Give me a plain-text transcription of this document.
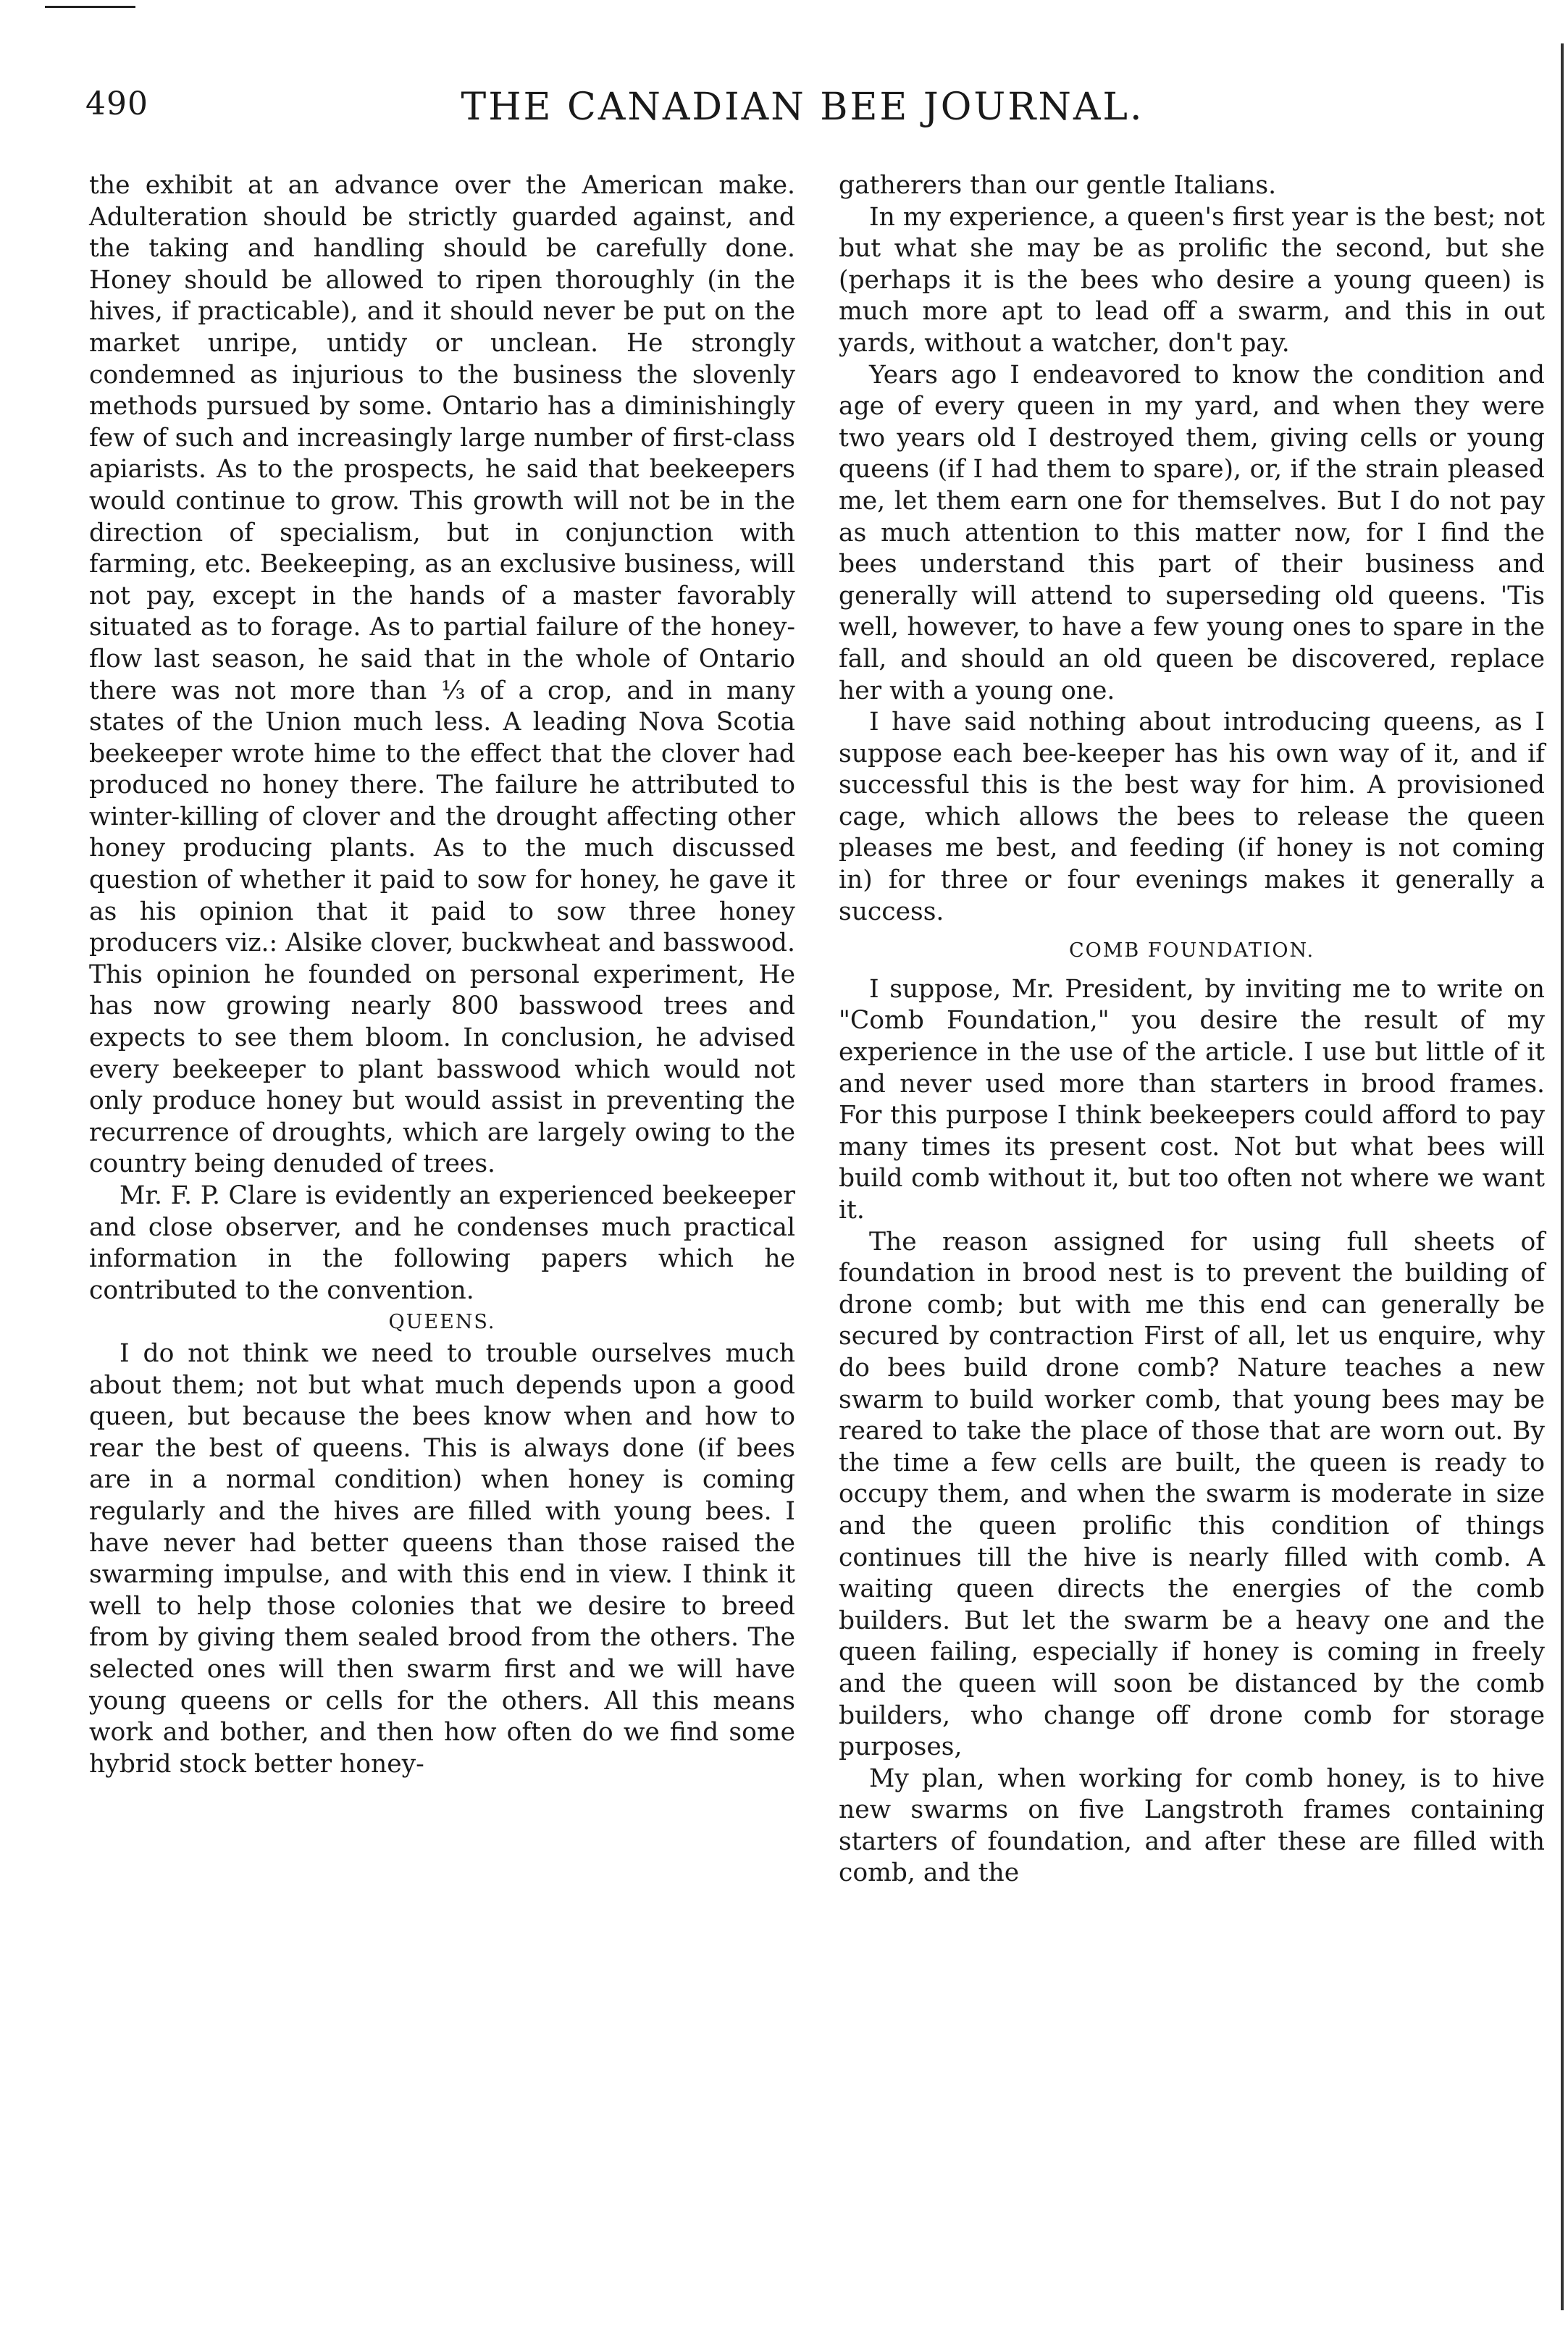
490	THE CANADIAN BEE JOURNAL.

the exhibit at an advance over the American make. Adulteration should be strictly guarded against, and the taking and handling should be carefully done. Honey should be allowed to ripen thoroughly (in the hives, if practicable), and it should never be put on the market unripe, untidy or unclean. He strongly condemned as injurious to the business the slovenly methods pursued by some. Ontario has a diminishingly few of such and increasingly large number of first-class apiarists. As to the prospects, he said that beekeepers would continue to grow. This growth will not be in the direction of specialism, but in conjunction with farming, etc. Beekeeping, as an exclusive business, will not pay, except in the hands of a master favorably situated as to forage. As to partial failure of the honey-flow last season, he said that in the whole of Ontario there was not more than ⅓ of a crop, and in many states of the Union much less. A leading Nova Scotia beekeeper wrote hime to the effect that the clover had produced no honey there. The failure he attributed to winter-killing of clover and the drought affecting other honey producing plants. As to the much discussed question of whether it paid to sow for honey, he gave it as his opinion that it paid to sow three honey producers viz.: Alsike clover, buckwheat and basswood. This opinion he founded on personal experiment, He has now growing nearly 800 basswood trees and expects to see them bloom. In conclusion, he advised every beekeeper to plant basswood which would not only produce honey but would assist in preventing the recurrence of droughts, which are largely owing to the country being denuded of trees.

Mr. F. P. Clare is evidently an experienced beekeeper and close observer, and he condenses much practical information in the following papers which he contributed to the convention.

QUEENS.

I do not think we need to trouble ourselves much about them; not but what much depends upon a good queen, but because the bees know when and how to rear the best of queens. This is always done (if bees are in a normal condition) when honey is coming regularly and the hives are filled with young bees. I have never had better queens than those raised the swarming impulse, and with this end in view. I think it well to help those colonies that we desire to breed from by giving them sealed brood from the others. The selected ones will then swarm first and we will have young queens or cells for the others. All this means work and bother, and then how often do we find some hybrid stock better honey-

gatherers than our gentle Italians.

In my experience, a queen's first year is the best; not but what she may be as prolific the second, but she (perhaps it is the bees who desire a young queen) is much more apt to lead off a swarm, and this in out yards, without a watcher, don't pay.

Years ago I endeavored to know the condition and age of every queen in my yard, and when they were two years old I destroyed them, giving cells or young queens (if I had them to spare), or, if the strain pleased me, let them earn one for themselves. But I do not pay as much attention to this matter now, for I find the bees understand this part of their business and generally will attend to superseding old queens. 'Tis well, however, to have a few young ones to spare in the fall, and should an old queen be discovered, replace her with a young one.

I have said nothing about introducing queens, as I suppose each bee-keeper has his own way of it, and if successful this is the best way for him. A provisioned cage, which allows the bees to release the queen pleases me best, and feeding (if honey is not coming in) for three or four evenings makes it generally a success.

COMB FOUNDATION.

I suppose, Mr. President, by inviting me to write on "Comb Foundation," you desire the result of my experience in the use of the article. I use but little of it and never used more than starters in brood frames. For this purpose I think beekeepers could afford to pay many times its present cost. Not but what bees will build comb without it, but too often not where we want it.

The reason assigned for using full sheets of foundation in brood nest is to prevent the building of drone comb; but with me this end can generally be secured by contraction First of all, let us enquire, why do bees build drone comb? Nature teaches a new swarm to build worker comb, that young bees may be reared to take the place of those that are worn out. By the time a few cells are built, the queen is ready to occupy them, and when the swarm is moderate in size and the queen prolific this condition of things continues till the hive is nearly filled with comb. A waiting queen directs the energies of the comb builders. But let the swarm be a heavy one and the queen failing, especially if honey is coming in freely and the queen will soon be distanced by the comb builders, who change off drone comb for storage purposes,

My plan, when working for comb honey, is to hive new swarms on five Langstroth frames containing starters of foundation, and after these are filled with comb, and the
